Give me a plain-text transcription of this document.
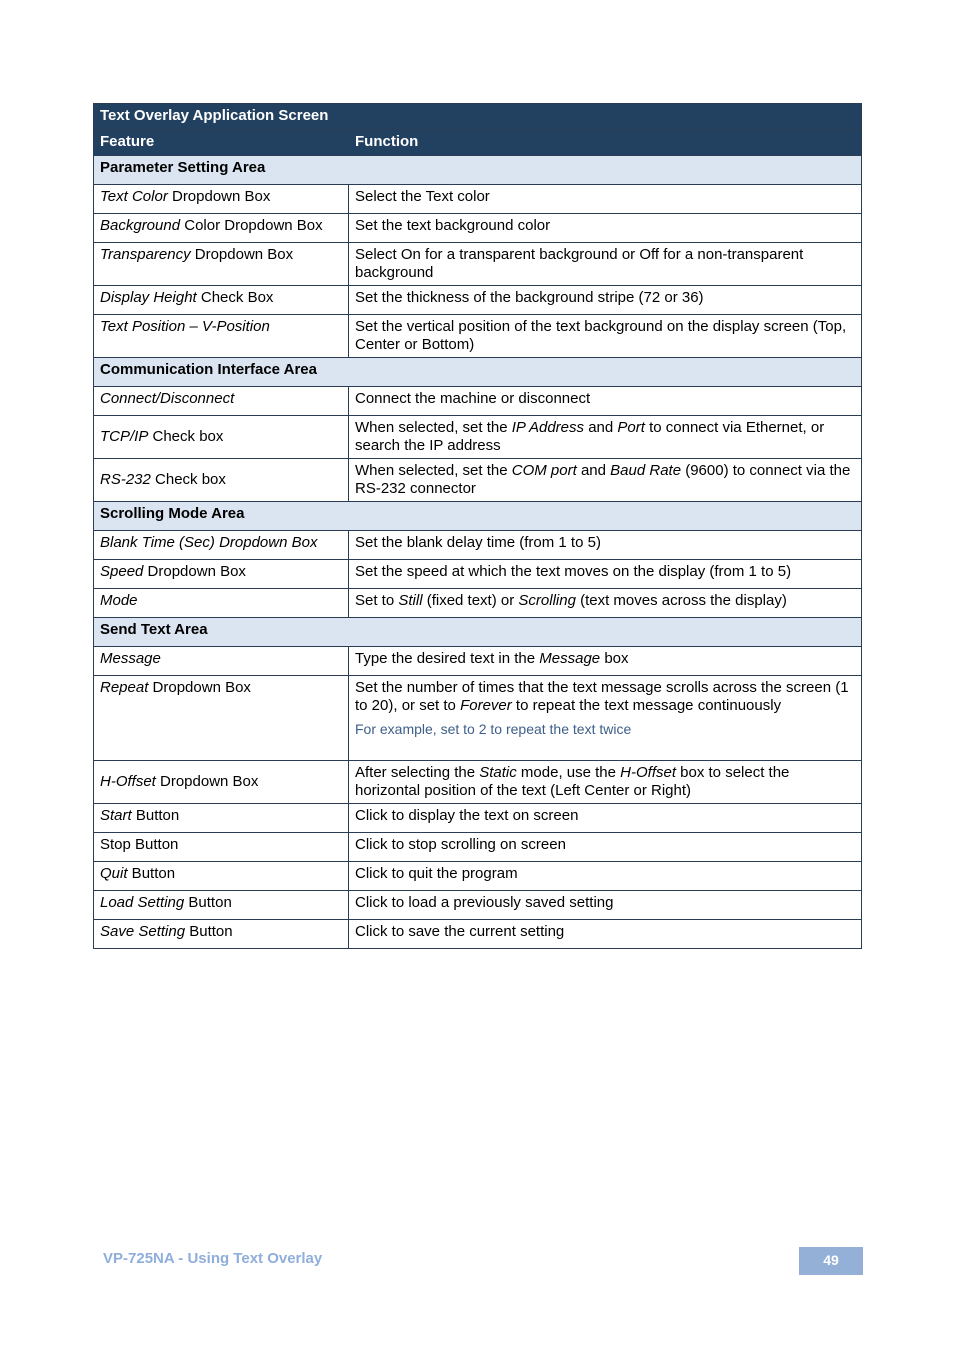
Text Overlay Application Screen	
Feature	Function
Parameter Setting Area	
Text Color Dropdown Box	Select the Text color
Background Color Dropdown Box	Set the text background color
Transparency Dropdown Box	Select On for a transparent background or Off for a non-transparent background
Display Height Check Box	Set the thickness of the background stripe (72 or 36)
Text Position – V-Position	Set the vertical position of the text background on the display screen (Top, Center or Bottom)
Communication Interface Area	
Connect/Disconnect	Connect the machine or disconnect
TCP/IP Check box	When selected, set the IP Address and Port to connect via Ethernet, or search the IP address
RS-232 Check box	When selected, set the COM port and Baud Rate (9600) to connect via the RS-232 connector
Scrolling Mode Area	
Blank Time (Sec) Dropdown Box	Set the blank delay time (from 1 to 5)
Speed Dropdown Box	Set the speed at which the text moves on the display (from 1 to 5)
Mode	Set to Still (fixed text) or Scrolling (text moves across the display)
Send Text Area	
Message	Type the desired text in the Message box
Repeat Dropdown Box	Set the number of times that the text message scrolls across the screen (1 to 20), or set to Forever to repeat the text message continuously
For example, set to 2 to repeat the text twice

H-Offset Dropdown Box	After selecting the Static mode, use the H-Offset box to select the horizontal position of the text (Left Center or Right)
Start Button	Click to display the text on screen
Stop Button	Click to stop scrolling on screen
Quit Button	Click to quit the program
Load Setting Button	Click to load a previously saved setting
Save Setting Button	Click to save the current setting
VP-725NA - Using Text Overlay	49
